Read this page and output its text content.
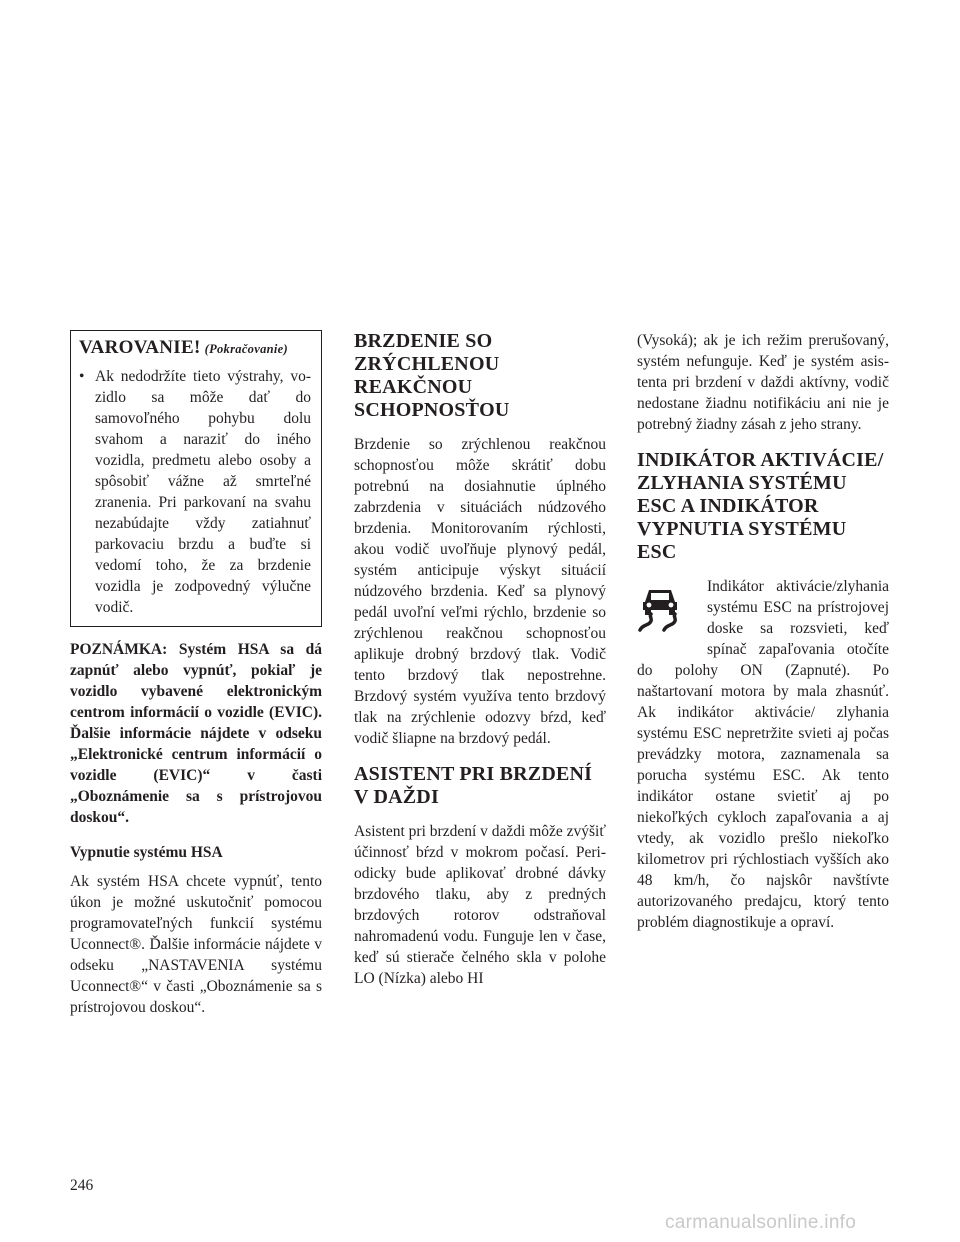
VAROVANIE! (Pokračovanie)
• Ak nedodržíte tieto výstrahy, vozidlo sa môže dať do samovoľného pohybu dolu svahom a naraziť do iného vozidla, predmetu alebo osoby a spôsobiť vážne až smrteľné zranenia. Pri parkovaní na svahu nezabúdajte vždy zatiahnuť parkovaciu brzdu a buďte si vedomí toho, že za brzdenie vozidla je zodpovedný výlučne vodič.

POZNÁMKA: Systém HSA sa dá zapnúť alebo vypnúť, pokiaľ je vozidlo vybavené elektronickým centrom informácií o vozidle (EVIC). Ďalšie informácie nájdete v odseku „Elektronické centrum informácií o vozidle (EVIC)“ v časti „Oboznámenie sa s prístrojovou doskou“.

Vypnutie systému HSA

Ak systém HSA chcete vypnúť, tento úkon je možné uskutočniť pomocou programovateľných funkcií systému Uconnect®. Ďalšie informácie nájdete v odseku „NASTAVENIA systému Uconnect®“ v časti „Oboznámenie sa s prístrojovou doskou“.

BRZDENIE SO ZRÝCHLENOU REAKČNOU SCHOPNOSŤOU

Brzdenie so zrýchlenou reakčnou schopnosťou môže skrátiť dobu potrebnú na dosiahnutie úplného zabrzdenia v situáciách núdzového brzdenia. Monitorovaním rýchlosti, akou vodič uvoľňuje plynový pedál, systém anticipuje výskyt situácií núdzového brzdenia. Keď sa plynový pedál uvoľní veľmi rýchlo, brzdenie so zrýchlenou reakčnou schopnosťou aplikuje drobný brzdový tlak. Vodič tento brzdový tlak nepostrehne. Brzdový systém využíva tento brzdový tlak na zrýchlenie odozvy bŕzd, keď vodič šliapne na brzdový pedál.

ASISTENT PRI BRZDENÍ V DAŽDI

Asistent pri brzdení v daždi môže zvýšiť účinnosť bŕzd v mokrom počasí. Periodicky bude aplikovať drobné dávky brzdového tlaku, aby z predných brzdových rotorov odstraňoval nahromadenú vodu. Funguje len v čase, keď sú stierače čelného skla v polohe LO (Nízka) alebo HI

(Vysoká); ak je ich režim prerušovaný, systém nefunguje. Keď je systém asistenta pri brzdení v daždi aktívny, vodič nedostane žiadnu notifikáciu ani nie je potrebný žiadny zásah z jeho strany.

INDIKÁTOR AKTIVÁCIE/ ZLYHANIA SYSTÉMU ESC A INDIKÁTOR VYPNUTIA SYSTÉMU ESC

Indikátor aktivácie/zlyhania systému ESC na prístrojovej doske sa rozsvieti, keď spínač zapaľovania otočíte do polohy ON (Zapnuté). Po naštartovaní motora by mala zhasnúť. Ak indikátor aktivácie/ zlyhania systému ESC nepretržite svieti aj počas prevádzky motora, zaznamenala sa porucha systému ESC. Ak tento indikátor ostane svietiť aj po niekoľkých cykloch zapaľovania a aj vtedy, ak vozidlo prešlo niekoľko kilometrov pri rýchlostiach vyšších ako 48 km/h, čo najskôr navštívte autorizovaného predajcu, ktorý tento problém diagnostikuje a opraví.

246
carmanualsonline.info
